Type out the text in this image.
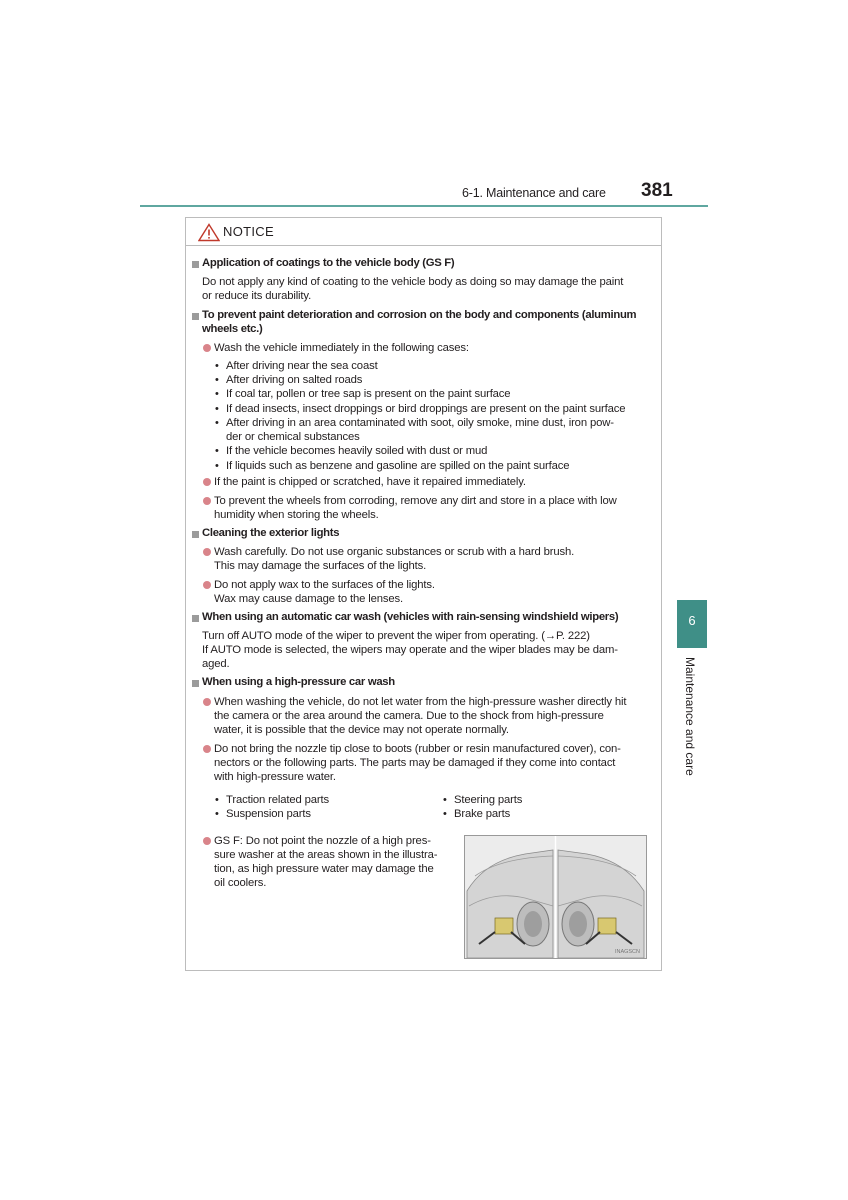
6-1. Maintenance and care 381
6
Maintenance and care
NOTICE
Application of coatings to the vehicle body (GS F)
Do not apply any kind of coating to the vehicle body as doing so may damage the paint
or reduce its durability.
To prevent paint deterioration and corrosion on the body and components (aluminum
wheels etc.)
Wash the vehicle immediately in the following cases:
• After driving near the sea coast
• After driving on salted roads
• If coal tar, pollen or tree sap is present on the paint surface
• If dead insects, insect droppings or bird droppings are present on the paint surface
• After driving in an area contaminated with soot, oily smoke, mine dust, iron pow-
der or chemical substances
• If the vehicle becomes heavily soiled with dust or mud
• If liquids such as benzene and gasoline are spilled on the paint surface
If the paint is chipped or scratched, have it repaired immediately.
To prevent the wheels from corroding, remove any dirt and store in a place with low
humidity when storing the wheels.
Cleaning the exterior lights
Wash carefully. Do not use organic substances or scrub with a hard brush.
This may damage the surfaces of the lights.
Do not apply wax to the surfaces of the lights.
Wax may cause damage to the lenses.
When using an automatic car wash (vehicles with rain-sensing windshield wipers)
Turn off AUTO mode of the wiper to prevent the wiper from operating. (→P. 222)
If AUTO mode is selected, the wipers may operate and the wiper blades may be dam-
aged.
When using a high-pressure car wash
When washing the vehicle, do not let water from the high-pressure washer directly hit
the camera or the area around the camera. Due to the shock from high-pressure
water, it is possible that the device may not operate normally.
Do not bring the nozzle tip close to boots (rubber or resin manufactured cover), con-
nectors or the following parts. The parts may be damaged if they come into contact
with high-pressure water.
• Traction related parts
• Suspension parts
• Steering parts
• Brake parts
GS F: Do not point the nozzle of a high pres-
sure washer at the areas shown in the illustra-
tion, as high pressure water may damage the
oil coolers.
INAGSCN
